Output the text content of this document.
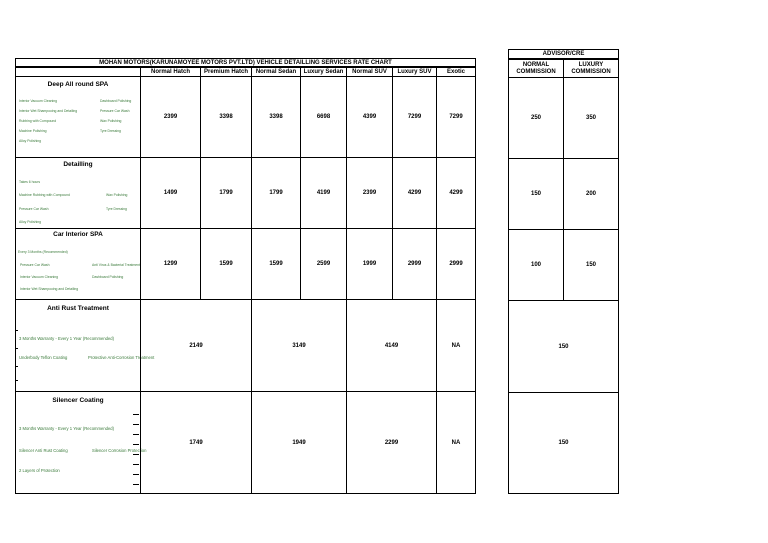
MOHAN MOTORS(KARUNAMOYEE MOTORS PVT.LTD) VEHICLE DETAILLING SERVICES RATE CHART
Normal Hatch	Premium Hatch	Normal Sedan	Luxury Sedan	Normal SUV	Luxury SUV	Exotic
Deep All round SPA
Interior Vacuum Cleaning	Dashboard Polishing
Interior Wet Shampooing and Detailing	Pressure Car Wash
Rubbing with Compound	Wax Polishing
Machine Polishing	Tyre Dressing
Alloy Polishing
2399	3398	3398	6698	4399	7299	7299
Detailling
Takes 6 hours
Machine Rubbing with Compound	Wax Polishing
Pressure Car Wash	Tyre Dressing
Alloy Polishing
1499	1799	1799	4199	2399	4299	4299
Car Interior SPA
Every 3 Months (Recommended)
Pressure Car Wash	Anti Virus & Bacterial Treatment
Interior Vacuum Cleaning	Dashboard Polishing
Interior Wet Shampooing and Detailing
1299	1599	1599	2599	1999	2999	2999
Anti Rust Treatment
3 Months Warranty - Every 1 Year (Recommended)
Underbody Teflon Coating	Protective Anti-Corrosion Treatment
2149	3149	4149	NA
Silencer Coating
3 Months Warranty - Every 1 Year (Recommended)
Silencer Anti Rust Coating	Silencer Corrosion Protection
2 Layers of Protection
1749	1949	2299	NA
ADVISOR/CRE
NORMAL COMMISSION
LUXURY COMMISSION
250	350
150	200
100	150
150
150
